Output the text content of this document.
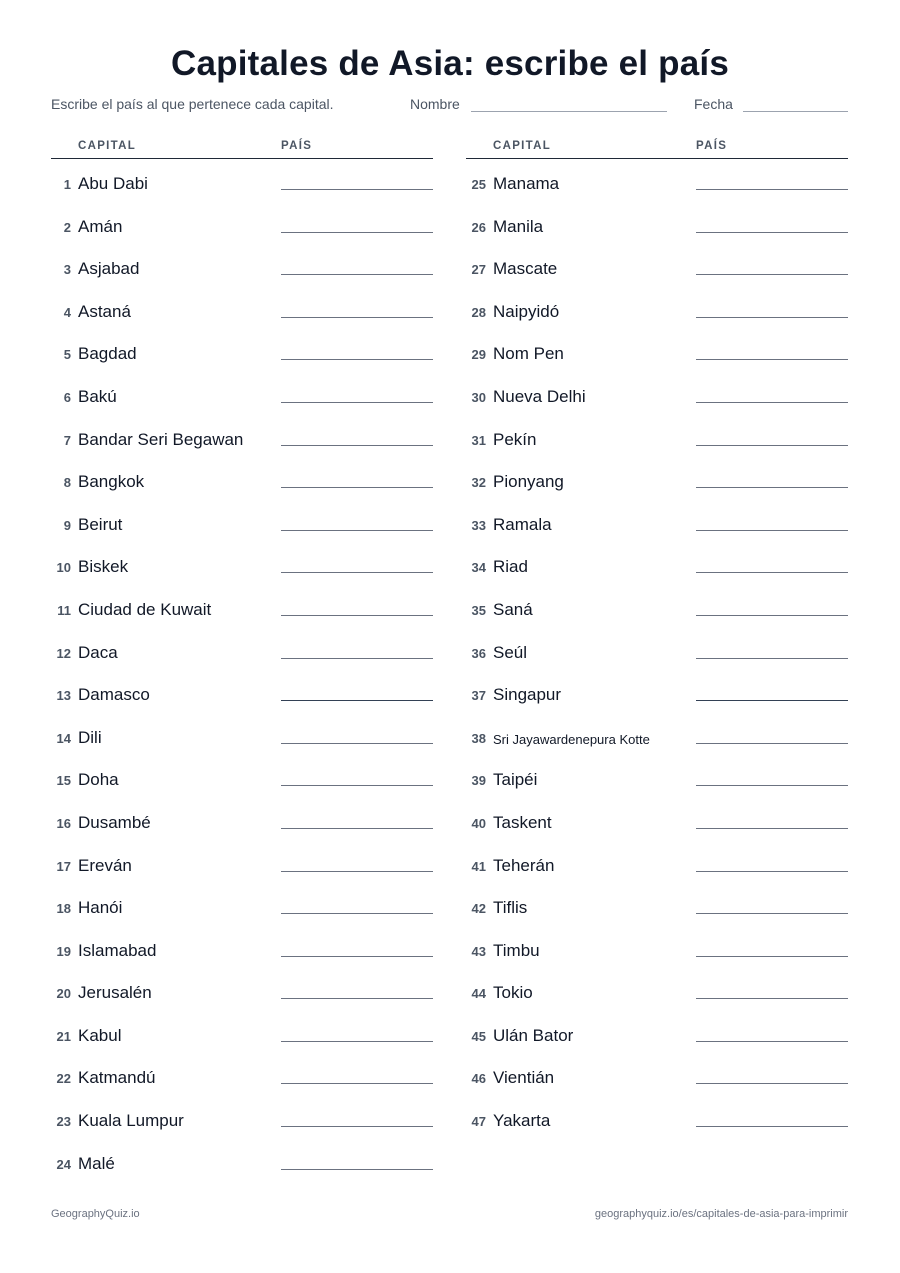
Capitales de Asia: escribe el país
Escribe el país al que pertenece cada capital.	Nombre	Fecha
CAPITAL	PAÍS
1 Abu Dabi
2 Amán
3 Asjabad
4 Astaná
5 Bagdad
6 Bakú
7 Bandar Seri Begawan
8 Bangkok
9 Beirut
10 Biskek
11 Ciudad de Kuwait
12 Daca
13 Damasco
14 Dili
15 Doha
16 Dusambé
17 Ereván
18 Hanói
19 Islamabad
20 Jerusalén
21 Kabul
22 Katmandú
23 Kuala Lumpur
24 Malé
CAPITAL	PAÍS
25 Manama
26 Manila
27 Mascate
28 Naipyidó
29 Nom Pen
30 Nueva Delhi
31 Pekín
32 Pionyang
33 Ramala
34 Riad
35 Saná
36 Seúl
37 Singapur
38 Sri Jayawardenepura Kotte
39 Taipéi
40 Taskent
41 Teherán
42 Tiflis
43 Timbu
44 Tokio
45 Ulán Bator
46 Vientián
47 Yakarta
GeographyQuiz.io	geographyquiz.io/es/capitales-de-asia-para-imprimir
